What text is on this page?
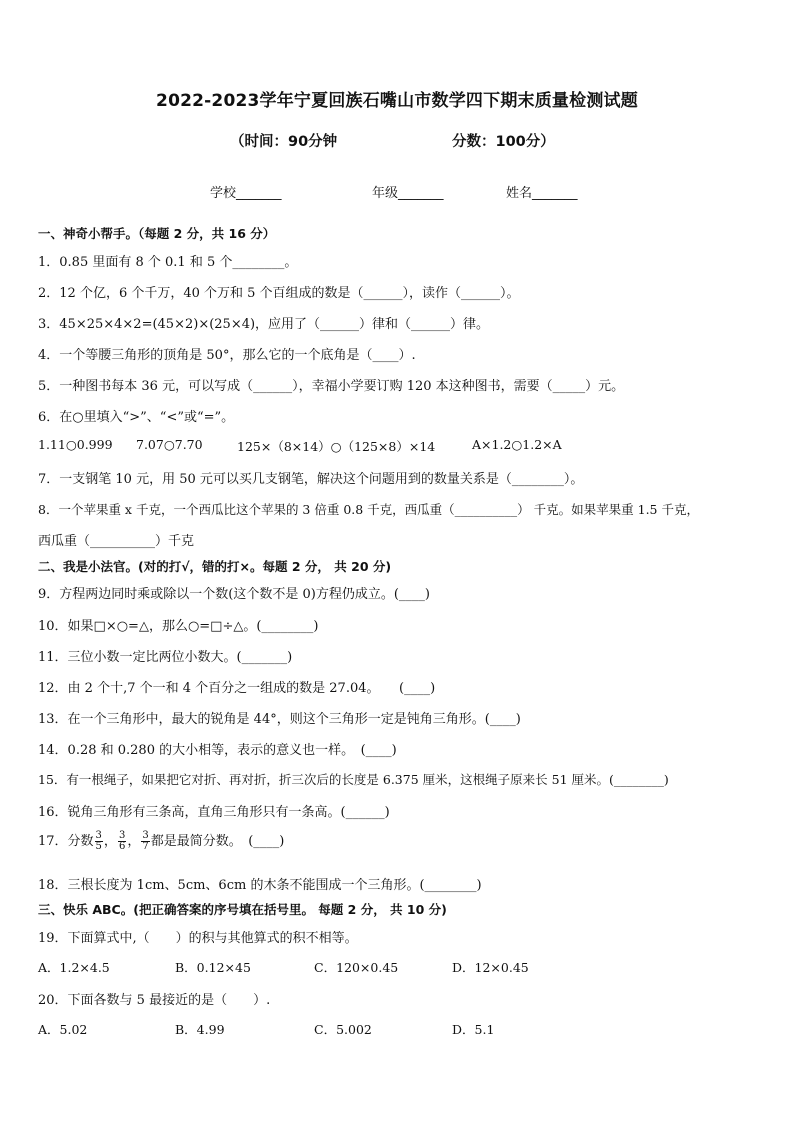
2022-2023学年宁夏回族石嘴山市数学四下期末质量检测试题
（时间：90分钟	分数：100分）
学校_______	年级_______	姓名_______
一、神奇小帮手。（每题 2 分，共 16 分）
1．0.85 里面有 8 个 0.1 和 5 个________。
2．12 个亿，6 个千万，40 个万和 5 个百组成的数是（______），读作（______）。
3．45×25×4×2=(45×2)×(25×4)，应用了（______）律和（______）律。
4．一个等腰三角形的顶角是 50°，那么它的一个底角是（____）.
5．一种图书每本 36 元，可以写成（______），幸福小学要订购 120 本这种图书，需要（_____）元。
6．在○里填入“>”、“<”或“=”。
1.11○0.999 7.07○7.70	125×（8×14）○（125×8）×14	A×1.2○1.2×A
7．一支钢笔 10 元，用 50 元可以买几支钢笔，解决这个问题用到的数量关系是（________）。
8．一个苹果重 x 千克，一个西瓜比这个苹果的 3 倍重 0.8 千克，西瓜重（__________） 千克。如果苹果重 1.5 千克，
西瓜重（__________）千克
二、我是小法官。(对的打√，错的打×。每题 2 分， 共 20 分)
9．方程两边同时乘或除以一个数(这个数不是 0)方程仍成立。(____)
10．如果□×○=△，那么○=□÷△。(________)
11．三位小数一定比两位小数大。(_______)
12．由 2 个十,7 个一和 4 个百分之一组成的数是 27.04。　　(____)
13．在一个三角形中，最大的锐角是 44°，则这个三角形一定是钝角三角形。(____)
14．0.28 和 0.280 的大小相等，表示的意义也一样。　(____)
15．有一根绳子，如果把它对折、再对折，折三次后的长度是 6.375 厘米，这根绳子原来长 51 厘米。(________)
16．锐角三角形有三条高，直角三角形只有一条高。(______)
17．分数 $\frac{3}{5}$ ， $\frac{3}{6}$ ， $\frac{3}{7}$ 都是最简分数。　(____)
18．三根长度为 1cm、5cm、6cm 的木条不能围成一个三角形。(________)
三、快乐 ABC。(把正确答案的序号填在括号里。 每题 2 分， 共 10 分)
19．下面算式中,（　　）的积与其他算式的积不相等。
A．1.2×4.5	B．0.12×45	C．120×0.45	D．12×0.45
20．下面各数与 5 最接近的是（　　）.
A．5.02	B．4.99	C．5.002	D．5.1
